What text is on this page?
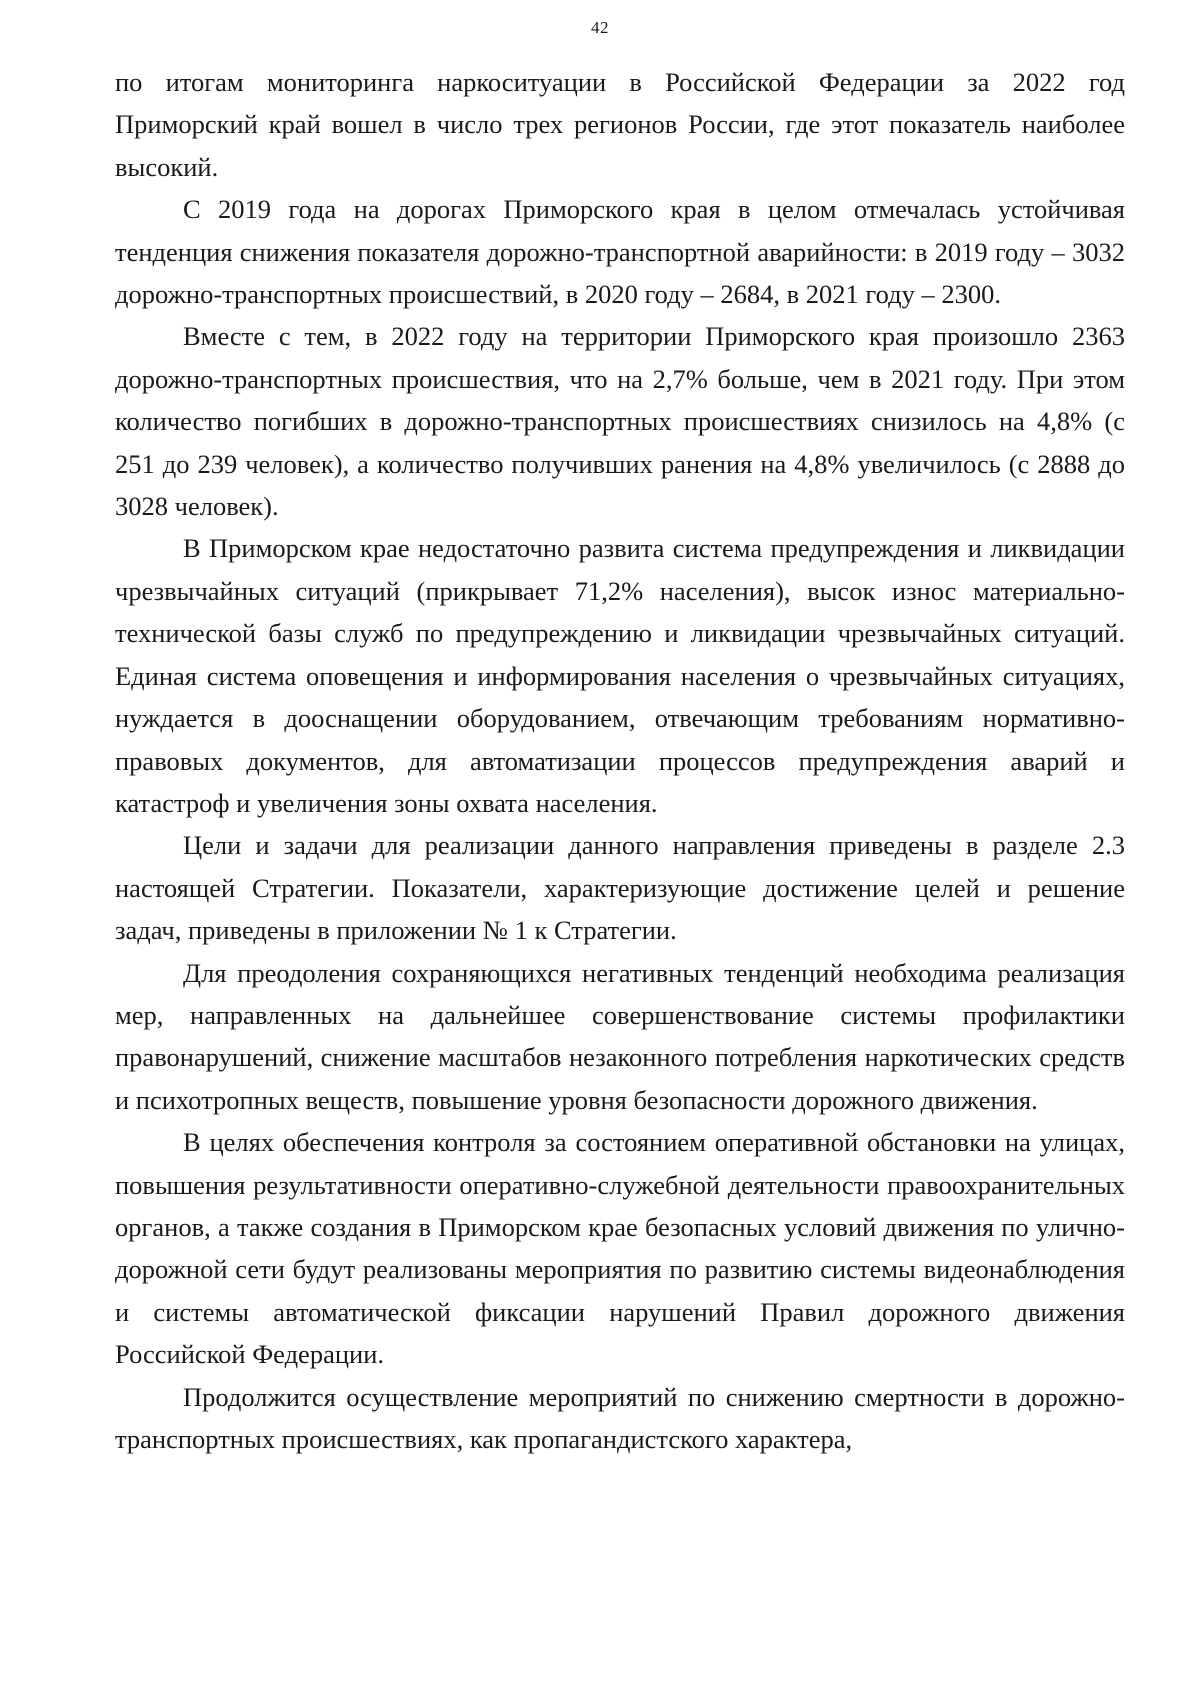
42

по итогам мониторинга наркоситуации в Российской Федерации за 2022 год Приморский край вошел в число трех регионов России, где этот показатель наиболее высокий.

С 2019 года на дорогах Приморского края в целом отмечалась устойчивая тенденция снижения показателя дорожно-транспортной аварийности: в 2019 году – 3032 дорожно-транспортных происшествий, в 2020 году – 2684, в 2021 году – 2300.

Вместе с тем, в 2022 году на территории Приморского края произошло 2363 дорожно-транспортных происшествия, что на 2,7% больше, чем в 2021 году. При этом количество погибших в дорожно-транспортных происшествиях снизилось на 4,8% (с 251 до 239 человек), а количество получивших ранения на 4,8% увеличилось (с 2888 до 3028 человек).

В Приморском крае недостаточно развита система предупреждения и ликвидации чрезвычайных ситуаций (прикрывает 71,2% населения), высок износ материально-технической базы служб по предупреждению и ликвидации чрезвычайных ситуаций. Единая система оповещения и информирования населения о чрезвычайных ситуациях, нуждается в дооснащении оборудованием, отвечающим требованиям нормативно-правовых документов, для автоматизации процессов предупреждения аварий и катастроф и увеличения зоны охвата населения.

Цели и задачи для реализации данного направления приведены в разделе 2.3 настоящей Стратегии. Показатели, характеризующие достижение целей и решение задач, приведены в приложении № 1 к Стратегии.

Для преодоления сохраняющихся негативных тенденций необходима реализация мер, направленных на дальнейшее совершенствование системы профилактики правонарушений, снижение масштабов незаконного потребления наркотических средств и психотропных веществ, повышение уровня безопасности дорожного движения.

В целях обеспечения контроля за состоянием оперативной обстановки на улицах, повышения результативности оперативно-служебной деятельности правоохранительных органов, а также создания в Приморском крае безопасных условий движения по улично-дорожной сети будут реализованы мероприятия по развитию системы видеонаблюдения и системы автоматической фиксации нарушений Правил дорожного движения Российской Федерации.

Продолжится осуществление мероприятий по снижению смертности в дорожно-транспортных происшествиях, как пропагандистского характера,
